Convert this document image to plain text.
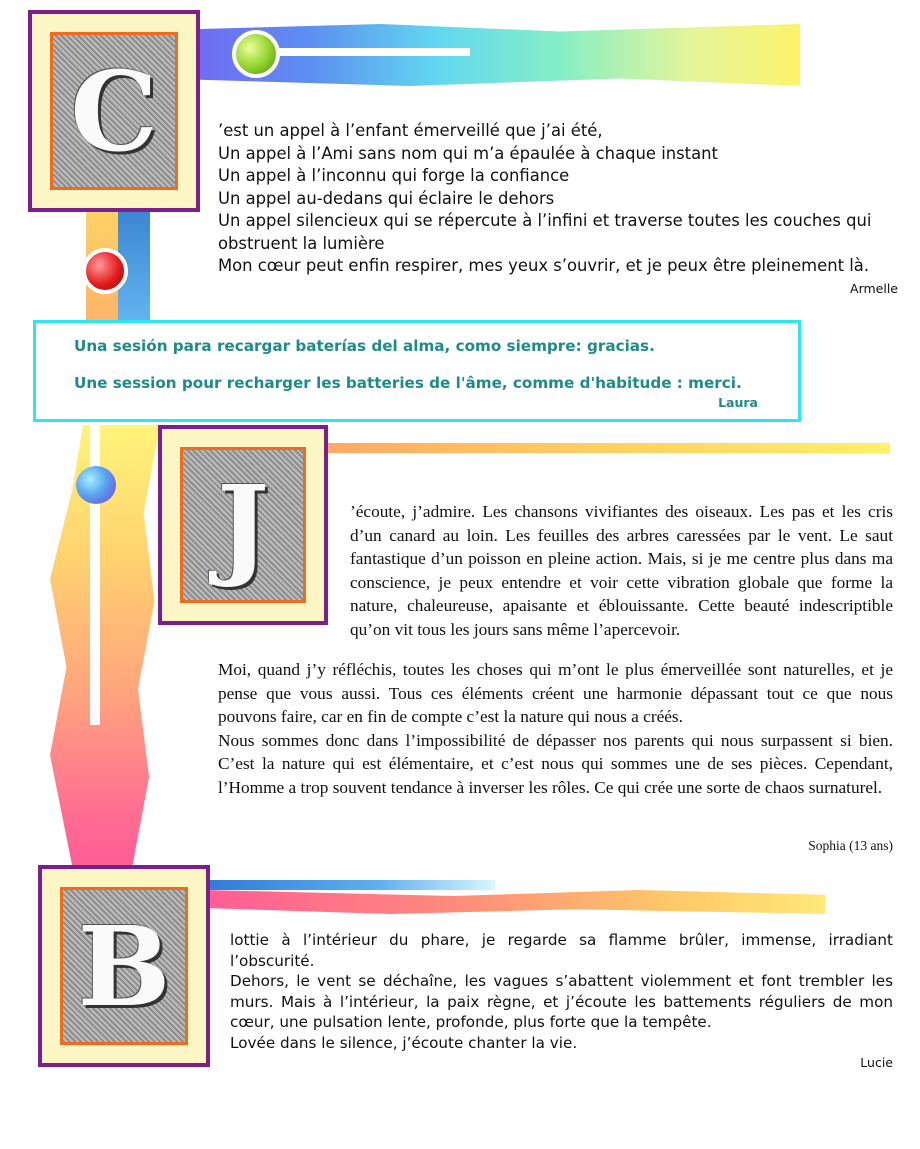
C	’est un appel à l’enfant émerveillé que j’ai été,

Un appel à l’Ami sans nom qui m’a épaulée à chaque instant

Un appel à l’inconnu qui forge la confiance

Un appel au-dedans qui éclaire le dehors

Un appel silencieux qui se répercute à l’infini et traverse toutes les couches qui obstruent la lumière

Mon cœur peut enfin respirer, mes yeux s’ouvrir, et je peux être pleinement là.

Armelle
Una sesión para recargar baterías del alma, como siempre: gracias.
Une session pour recharger les batteries de l'âme, comme d'habitude : merci.
Laura
J	’écoute, j’admire. Les chansons vivifiantes des oiseaux. Les pas et les cris d’un canard au loin. Les feuilles des arbres caressées par le vent. Le saut fantastique d’un poisson en pleine action. Mais, si je me centre plus dans ma conscience, je peux entendre et voir cette vibration globale que forme la nature, chaleureuse, apaisante et éblouissante. Cette beauté indescriptible qu’on vit tous les jours sans même l’apercevoir.

Moi, quand j’y réfléchis, toutes les choses qui m’ont le plus émerveillée sont naturelles, et je pense que vous aussi. Tous ces éléments créent une harmonie dépassant tout ce que nous pouvons faire, car en fin de compte c’est la nature qui nous a créés.

Nous sommes donc dans l’impossibilité de dépasser nos parents qui nous surpassent si bien. C’est la nature qui est élémentaire, et c’est nous qui sommes une de ses pièces. Cependant, l’Homme a trop souvent tendance à inverser les rôles. Ce qui crée une sorte de chaos surnaturel.

Sophia (13 ans)
B	lottie à l’intérieur du phare, je regarde sa flamme brûler, immense, irradiant l’obscurité.

Dehors, le vent se déchaîne, les vagues s’abattent violemment et font trembler les murs. Mais à l’intérieur, la paix règne, et j’écoute les battements réguliers de mon cœur, une pulsation lente, profonde, plus forte que la tempête.

Lovée dans le silence, j’écoute chanter la vie.

Lucie
